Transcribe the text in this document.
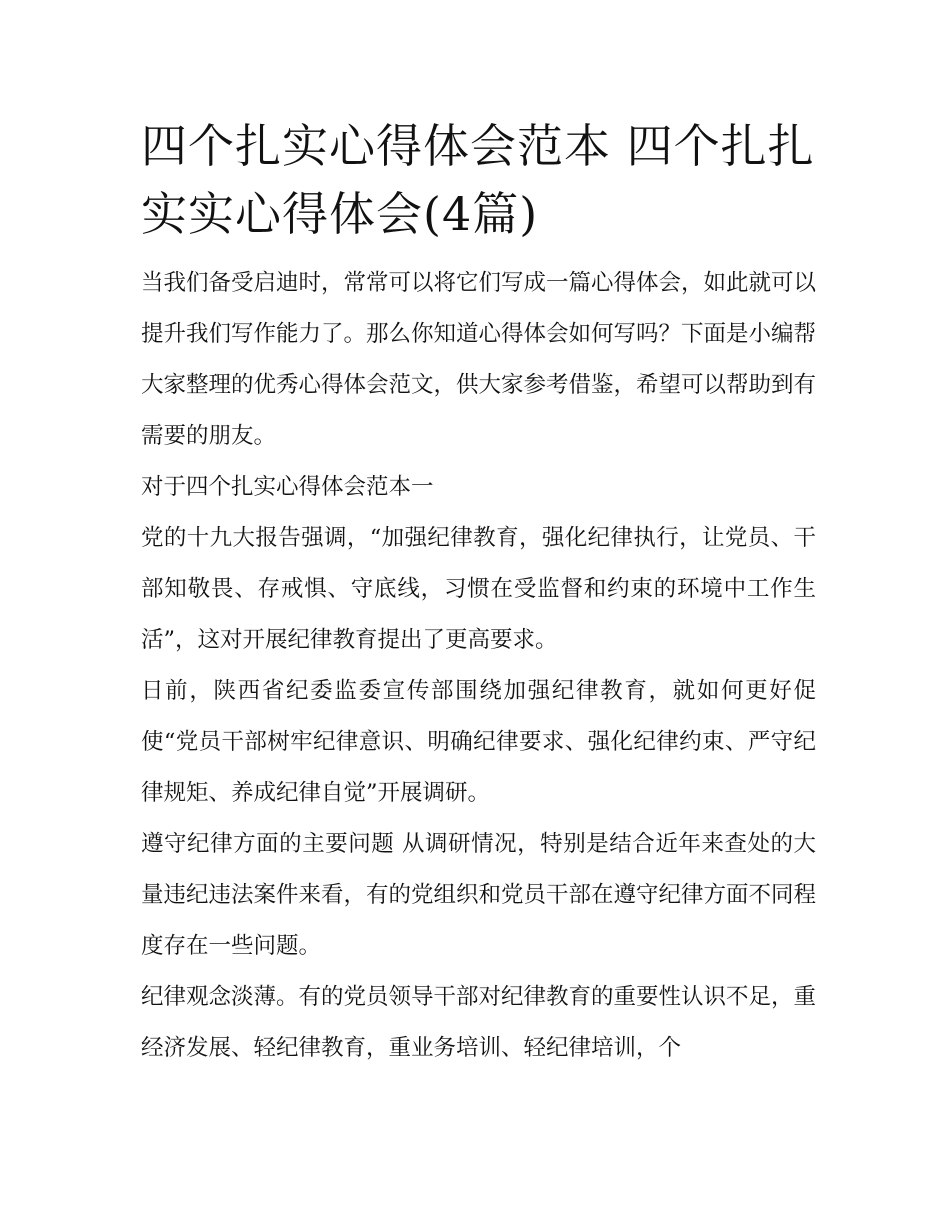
四个扎实心得体会范本 四个扎扎实实心得体会(4篇)

当我们备受启迪时，常常可以将它们写成一篇心得体会，如此就可以提升我们写作能力了。那么你知道心得体会如何写吗？下面是小编帮大家整理的优秀心得体会范文，供大家参考借鉴，希望可以帮助到有需要的朋友。

对于四个扎实心得体会范本一

党的十九大报告强调，“加强纪律教育，强化纪律执行，让党员、干部知敬畏、存戒惧、守底线，习惯在受监督和约束的环境中工作生活”，这对开展纪律教育提出了更高要求。

日前，陕西省纪委监委宣传部围绕加强纪律教育，就如何更好促使“党员干部树牢纪律意识、明确纪律要求、强化纪律约束、严守纪律规矩、养成纪律自觉”开展调研。

遵守纪律方面的主要问题 从调研情况，特别是结合近年来查处的大量违纪违法案件来看，有的党组织和党员干部在遵守纪律方面不同程度存在一些问题。

纪律观念淡薄。有的党员领导干部对纪律教育的重要性认识不足，重经济发展、轻纪律教育，重业务培训、轻纪律培训，个
